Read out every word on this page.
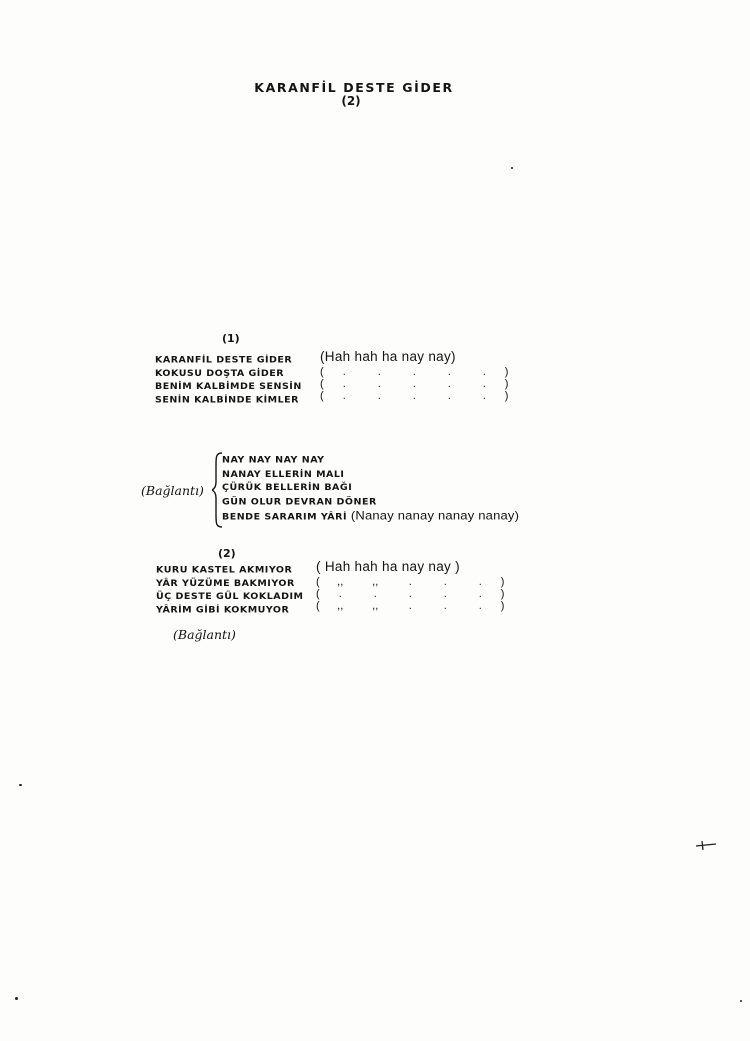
KARANFİL DESTE GİDER
(2)
(1)
KARANFİL DESTE GİDER
KOKUSU DOŞTA GİDER
BENİM KALBİMDE SENSİN
SENİN KALBİNDE KİMLER
(Hah hah ha nay nay)
( .	.	.	.	. )
( .	.	.	.	. )
( .	.	.	.	. )
(Bağlantı)
NAY NAY NAY NAY
NANAY ELLERİN MALI
ÇÜRÜK BELLERİN BAĞI
GÜN OLUR DEVRAN DÖNER
BENDE SARARIM YÂRİ (Nanay nanay nanay nanay)
(2)
KURU KASTEL AKMIYOR
YÂR YÜZÜME BAKMIYOR
ÜÇ DESTE GÜL KOKLADIM
YÂRİM GİBİ KOKMUYOR
( Hah hah ha nay nay )
( ,,	,,	.	.	. )
( .	.	.	.	. )
( ,,	,,	.	.	. )
(Bağlantı)
